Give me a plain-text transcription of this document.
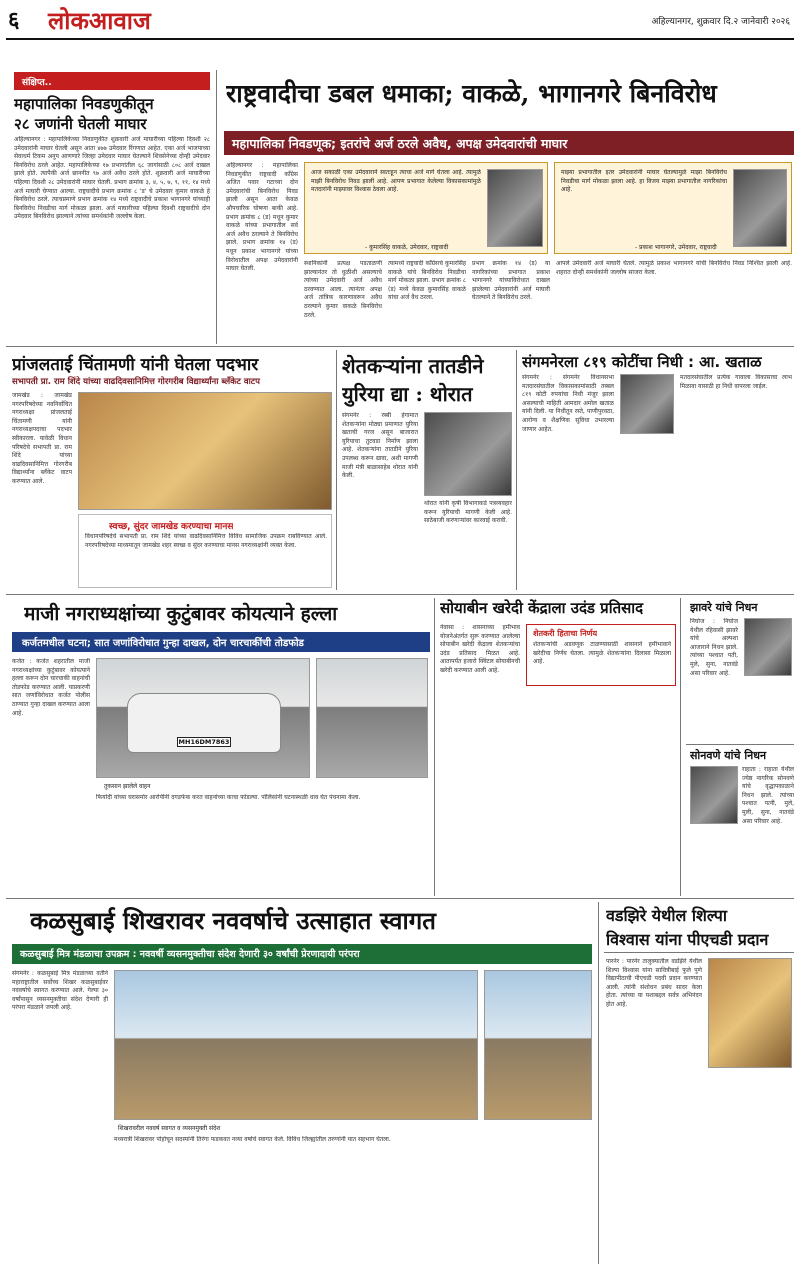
६ लोकआवाज	अहिल्यानगर, शुक्रवार दि.२ जानेवारी २०२६
संक्षिप्त..
महापालिका निवडणुकीतून
२८ जणांनी घेतली माघार
अहिल्यानगर : महापालिकेच्या निवडणुकीत शुक्रवारी अर्ज माघारीच्या पहिल्या दिवशी २८ उमेदवारांनी माघार घेतली असून आता ४७७ उमेदवार रिंगणात आहेत. एका अर्ज भाजपाच्या सेवाधर्म टिकम अनुप आणणारे जिल्हा उमेदवार माघार घेतल्याने शिवसेनेच्या दोन्ही उमेदवार बिनविरोध ठरले आहेत. महापालिकेच्या १७ प्रभागांतील ६८ जागांसाठी ८०८ अर्ज दाखल झाले होते. त्यापैकी अर्ज छाननीत ९७ अर्ज अवैध ठरले होते. शुक्रवारी अर्ज माघारीच्या पहिल्या दिवशी २८ उमेदवारांनी माघार घेतली. प्रभाग क्रमांक ३, ४, ५, ७, ९, ११, १४ मध्ये अर्ज माघारी घेण्यात आल्या. राष्ट्रवादीचे प्रभाग क्रमांक ८ 'ड' चे उमेदवार कुमार वाकळे हे बिनविरोध ठरले. त्याचप्रमाणे प्रभाग क्रमांक १४ मध्ये राष्ट्रवादीचे प्रकाश भागानगरे यांच्याही बिनविरोध निवडीचा मार्ग मोकळा झाला. अर्ज माघारीच्या पहिल्या दिवशी राष्ट्रवादीचे दोन उमेदवार बिनविरोध झाल्याने त्यांच्या समर्थकांनी जल्लोष केला.
राष्ट्रवादीचा डबल धमाका; वाकळे, भागानगरे बिनविरोध
महापालिका निवडणूक; इतरांचे अर्ज ठरले अवैध, अपक्ष उमेदवारांची माघार
अहिल्यानगर : महापालिका निवडणुकीत राष्ट्रवादी काँग्रेस अजित पवार गटाच्या दोन उमेदवारांची बिनविरोध निवड झाली असून आता केवळ औपचारिक घोषणा बाकी आहे. प्रभाग क्रमांक ८ (ड) मधून कुमार वाकळे यांच्या प्रभागातील सर्व अर्ज अवैध ठरल्याने ते बिनविरोध झाले. प्रभाग क्रमांक १४ (ड) मधून प्रकाश भागानगरे यांच्या विरोधातील अपक्ष उमेदवारांनी माघार घेतली.
आज सकाळी एका उमेदवाराने स्वतःहून त्याचा अर्ज मागे घेतला आहे. त्यामुळे माझी बिनविरोध निवड झाली आहे. आपण प्रभागात केलेल्या विकासकामांमुळे मतदारांनी माझ्यावर विश्वास ठेवला आहे.
- कुमारसिंह वाकळे, उमेदवार, राष्ट्रवादी
माझ्या प्रभागातील इतर उमेदवारांनी माघार घेतल्यामुळे माझा बिनविरोध निवडीचा मार्ग मोकळा झाला आहे. हा विजय माझ्या प्रभागातील नागरिकांचा आहे.
- प्रकाश भागानगरे, उमेदवार, राष्ट्रवादी
स्थानिकांनी प्रत्यक्ष पडताळणी झाल्यानंतर तो धुळीशी असल्याचे त्यांच्या उमेदवारी अर्ज अवैध ठरवण्यात आला. त्यानंतर अपक्ष अर्ज तांत्रिक कारणावरून अवैध ठरल्याने कुमार वाकळे बिनविरोध ठरले.
त्यामध्ये राष्ट्रवादी काँग्रेसचे कुमारसिंह वाकळे यांचे बिनविरोध निवडीचा मार्ग मोकळा झाला. प्रभाग क्रमांक ८ (ड) मध्ये केवळ कुमारसिंह वाकळे यांचा अर्ज वैध ठरला.
प्रभाग क्रमांक १४ (ड) या नागरिकांच्या प्रभागात प्रकाश भागानगरे यांच्याविरोधात दाखल झालेल्या उमेदवारांनी अर्ज माघारी घेतल्याने ते बिनविरोध ठरले.
आपले उमेदवारी अर्ज माघारी घेतले. त्यामुळे प्रकाश भागानगरे यांची बिनविरोध निवड निश्चित झाली आहे. शहरात दोन्ही समर्थकांनी जल्लोष साजरा केला.
प्रांजलताई चिंतामणी यांनी घेतला पदभार
सभापती प्रा. राम शिंदे यांच्या वाढदिवसानिमित्त गोरगरीब विद्यार्थ्यांना ब्लॅंकेट वाटप
जामखेड : जामखेड नगरपरिषदेच्या नवनिर्वाचित नगराध्यक्षा प्रांजलताई चिंतामणी यांनी नगराध्यक्षपदाचा पदभार स्वीकारला. यावेळी विधान परिषदेचे सभापती प्रा. राम शिंदे यांच्या वाढदिवसानिमित्त गोरगरीब विद्यार्थ्यांना ब्लॅंकेट वाटप करण्यात आले.
स्वच्छ, सुंदर जामखेड करण्याचा मानस
विधानपरिषदेचे सभापती प्रा. राम शिंदे यांच्या वाढदिवसानिमित्त विविध सामाजिक उपक्रम राबविण्यात आले. नगरपरिषदेच्या माध्यमातून जामखेड शहर स्वच्छ व सुंदर करण्याचा मानस नगराध्यक्षांनी व्यक्त केला.
शेतकऱ्यांना तातडीने
युरिया द्या : थोरात
संगमनेर : रब्बी हंगामात शेतकऱ्यांना मोठ्या प्रमाणात युरिया खताची गरज असून बाजारात युरियाचा तुटवडा निर्माण झाला आहे. शेतकऱ्यांना तातडीने युरिया उपलब्ध करून द्यावा, अशी मागणी माजी मंत्री बाळासाहेब थोरात यांनी केली.
थोरात यांनी कृषी विभागाकडे पत्रव्यवहार करून युरियाची मागणी केली आहे. साठेबाजी करणाऱ्यांवर कारवाई करावी.
संगमनेरला ८१९ कोटींचा निधी : आ. खताळ
संगमनेर : संगमनेर विधानसभा मतदारसंघातील विकासकामांसाठी तब्बल ८१९ कोटी रुपयांचा निधी मंजूर झाला असल्याची माहिती आमदार अमोल खताळ यांनी दिली. या निधीतून रस्ते, पाणीपुरवठा, आरोग्य व शैक्षणिक सुविधा उभारल्या जाणार आहेत.
मतदारसंघातील प्रत्येक गावाला विकासाचा लाभ मिळावा यासाठी हा निधी वापरला जाईल.
माजी नगराध्यक्षांच्या कुटुंबावर कोयत्याने हल्ला
कर्जतमधील घटना; सात जणांविरोधात गुन्हा दाखल, दोन चारचाकींची तोडफोड
कर्जत : कर्जत शहरातील माजी नगराध्यक्षांच्या कुटुंबावर कोयत्याने हल्ला करून दोन चारचाकी वाहनांची तोडफोड करण्यात आली. याप्रकरणी सात जणांविरोधात कर्जत पोलीस ठाण्यात गुन्हा दाखल करण्यात आला आहे.
MH16DM7863
तुकसान झालेले वाहन
फिर्यादी यांच्या घरासमोर आरोपींनी दगडफेक करत वाहनांच्या काचा फोडल्या. पोलिसांनी घटनास्थळी धाव घेत पंचनामा केला.
सोयाबीन खरेदी केंद्राला उदंड प्रतिसाद
नेवासा : शासनाच्या हमीभाव योजनेअंतर्गत सुरू करण्यात आलेल्या सोयाबीन खरेदी केंद्राला शेतकऱ्यांचा उदंड प्रतिसाद मिळत आहे. आतापर्यंत हजारो क्विंटल सोयाबीनची खरेदी करण्यात आली आहे.
शेतकरी हिताचा निर्णय
शेतकऱ्यांची अडवणूक टाळण्यासाठी शासनाने हमीभावाने खरेदीचा निर्णय घेतला. त्यामुळे शेतकऱ्यांना दिलासा मिळाला आहे.
झावरे यांचे निधन
निघोज : निघोज येथील रहिवासी झावरे यांचे अल्पशा आजाराने निधन झाले. त्यांच्या पश्चात पती, मुले, सुना, नातवंडे असा परिवार आहे.
सोनवणे यांचे निधन
राहाता : राहाता येथील ज्येष्ठ नागरिक सोनवणे यांचे वृद्धापकाळाने निधन झाले. त्यांच्या पश्चात पत्नी, मुले, मुली, सुना, नातवंडे असा परिवार आहे.
कळसुबाई शिखरावर नववर्षाचे उत्साहात स्वागत
कळसुबाई मित्र मंडळाचा उपक्रम : नववर्षी व्यसनमुक्तीचा संदेश देणारी ३० वर्षांची प्रेरणादायी परंपरा
संगमनेर : कळसुबाई मित्र मंडळाच्या वतीने महाराष्ट्रातील सर्वोच्च शिखर कळसुबाईवर नववर्षाचे स्वागत करण्यात आले. गेल्या ३० वर्षांपासून व्यसनमुक्तीचा संदेश देणारी ही परंपरा मंडळाने जपली आहे.
शिखरावरील नववर्ष स्वागत व व्यसनमुक्ती संदेश
मध्यरात्री शिखरावर पोहोचून सदस्यांनी तिरंगा फडकवत नव्या वर्षाचे स्वागत केले. विविध जिल्ह्यांतील तरुणांनी यात सहभाग घेतला.
वडझिरे येथील शिल्पा
विश्वास यांना पीएचडी प्रदान
पारनेर : पारनेर तालुक्यातील वडझिरे येथील शिल्पा विश्वास यांना सावित्रीबाई फुले पुणे विद्यापीठाची पीएचडी पदवी प्रदान करण्यात आली. त्यांनी संशोधन प्रबंध सादर केला होता. त्यांच्या या यशाबद्दल सर्वत्र अभिनंदन होत आहे.
